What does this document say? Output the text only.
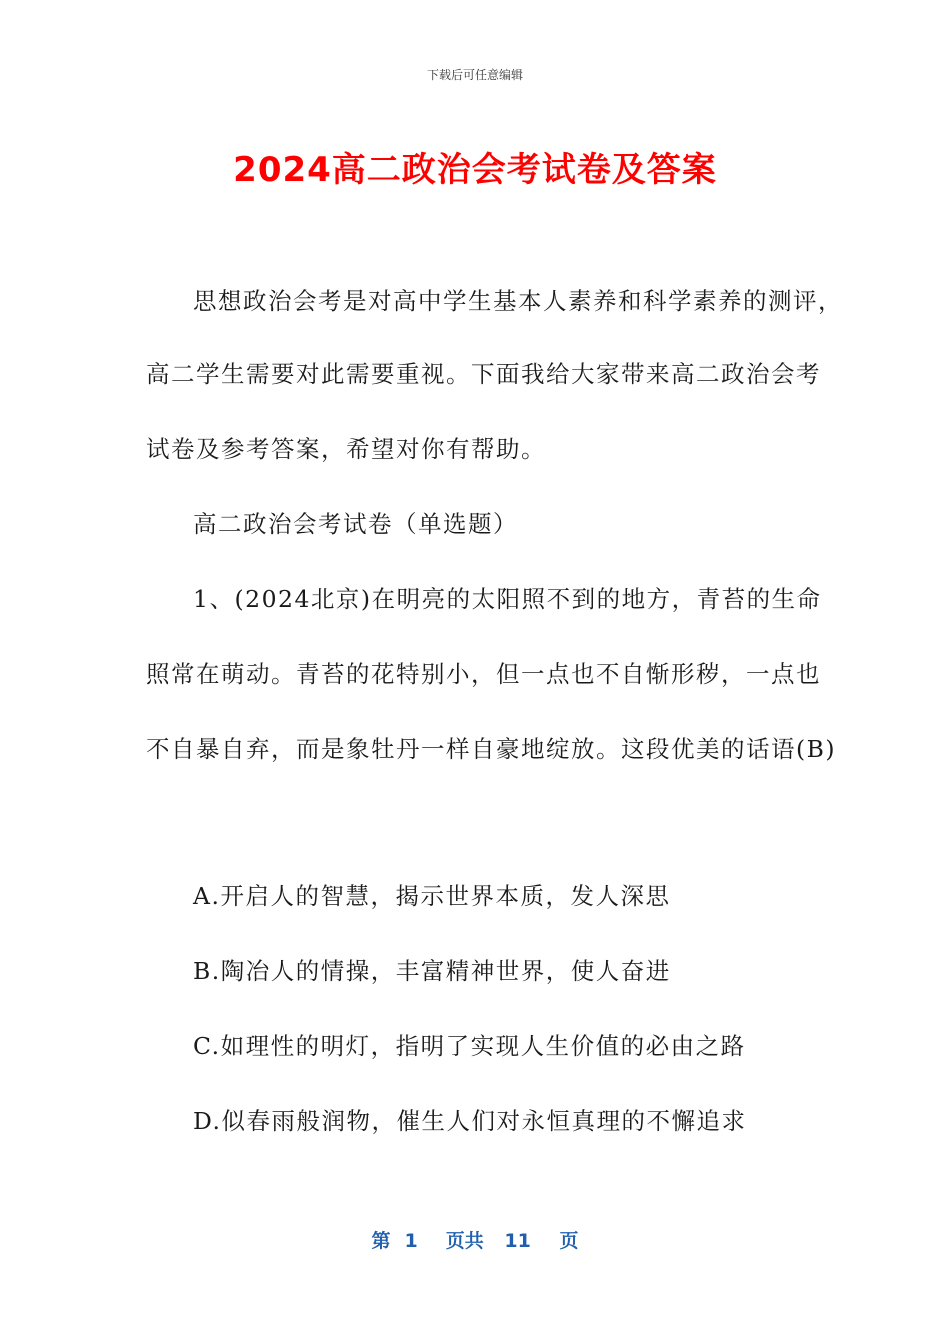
下载后可任意编辑
2024高二政治会考试卷及答案
思想政治会考是对高中学生基本人素养和科学素养的测评，
高二学生需要对此需要重视。下面我给大家带来高二政治会考
试卷及参考答案，希望对你有帮助。
高二政治会考试卷（单选题）
1、(2024北京)在明亮的太阳照不到的地方，青苔的生命
照常在萌动。青苔的花特别小，但一点也不自惭形秽，一点也
不自暴自弃，而是象牡丹一样自豪地绽放。这段优美的话语(B)
A.开启人的智慧，揭示世界本质，发人深思
B.陶冶人的情操，丰富精神世界，使人奋进
C.如理性的明灯，指明了实现人生价值的必由之路
D.似春雨般润物，催生人们对永恒真理的不懈追求
第 1 页共 11 页
